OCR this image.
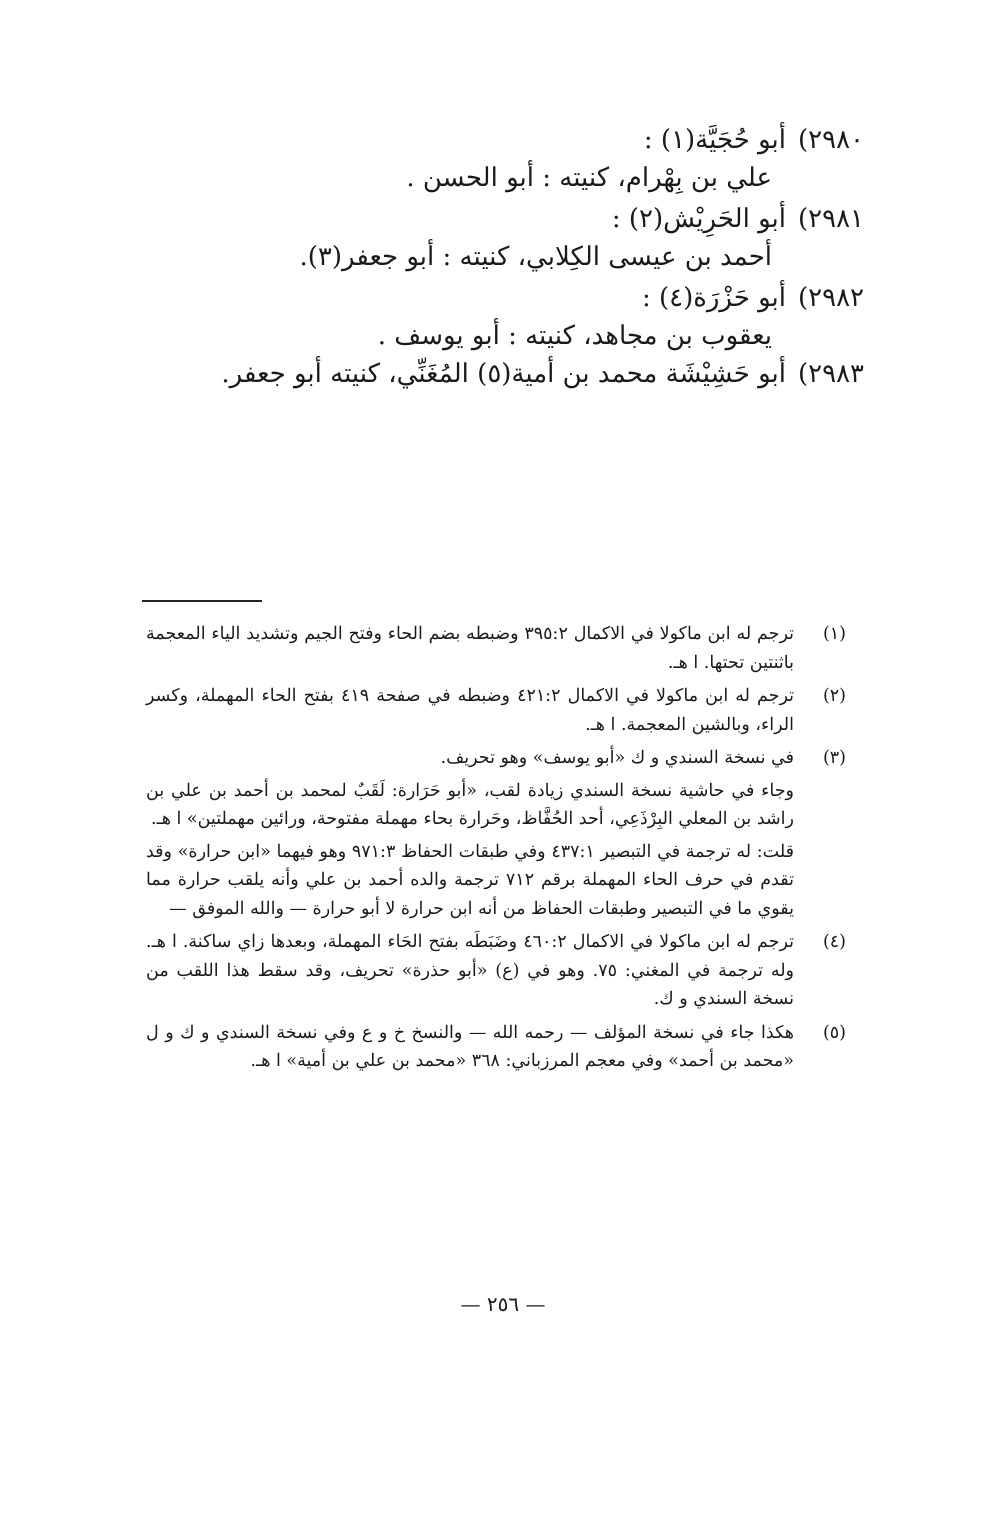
٢٩٨٠)أبو حُجَيَّة(١) :
علي بن بِهْرام، كنيته : أبو الحسن .
٢٩٨١)أبو الحَرِيْش(٢) :
أحمد بن عيسى الكِلابي، كنيته : أبو جعفر(٣).
٢٩٨٢)أبو حَزْرَة(٤) :
يعقوب بن مجاهد، كنيته : أبو يوسف .
٢٩٨٣)أبو حَشِيْشَة محمد بن أمية(٥) المُغَنِّي، كنيته أبو جعفر.
(١)

ترجم له ابن ماكولا في الاكمال ٣٩٥:٢ وضبطه بضم الحاء وفتح الجيم وتشديد الياء المعجمة باثنتين تحتها. ا هـ.

(٢)

ترجم له ابن ماكولا في الاكمال ٤٢١:٢ وضبطه في صفحة ٤١٩ بفتح الحاء المهملة، وكسر الراء، وبالشين المعجمة. ا هـ.

(٣)

في نسخة السندي و ك «أبو يوسف» وهو تحريف.

وجاء في حاشية نسخة السندي زيادة لقب، «أبو حَرَارة: لَقَبٌ لمحمد بن أحمد بن علي بن راشد بن المعلي البِرْذَعِي، أحد الحُفَّاظ، وحَرارة بحاء مهملة مفتوحة، ورائين مهملتين» ا هـ.

قلت: له ترجمة في التبصير ٤٣٧:١ وفي طبقات الحفاظ ٩٧١:٣ وهو فيهما «ابن حرارة» وقد تقدم في حرف الحاء المهملة برقم ٧١٢ ترجمة والده أحمد بن علي وأنه يلقب حرارة مما يقوي ما في التبصير وطبقات الحفاظ من أنه ابن حرارة لا أبو حرارة — والله الموفق —

(٤)

ترجم له ابن ماكولا في الاكمال ٤٦٠:٢ وضَبَطَه بفتح الحَاء المهملة، وبعدها زاي ساكنة. ا هـ. وله ترجمة في المغني: ٧٥. وهو في (ع) «أبو حذرة» تحريف، وقد سقط هذا اللقب من نسخة السندي و ك.

(٥)

هكذا جاء في نسخة المؤلف — رحمه الله — والنسخ خ و ع وفي نسخة السندي و ك و ل «محمد بن أحمد» وفي معجم المرزباني: ٣٦٨ «محمد بن علي بن أمية» ا هـ.

— ٢٥٦ —
